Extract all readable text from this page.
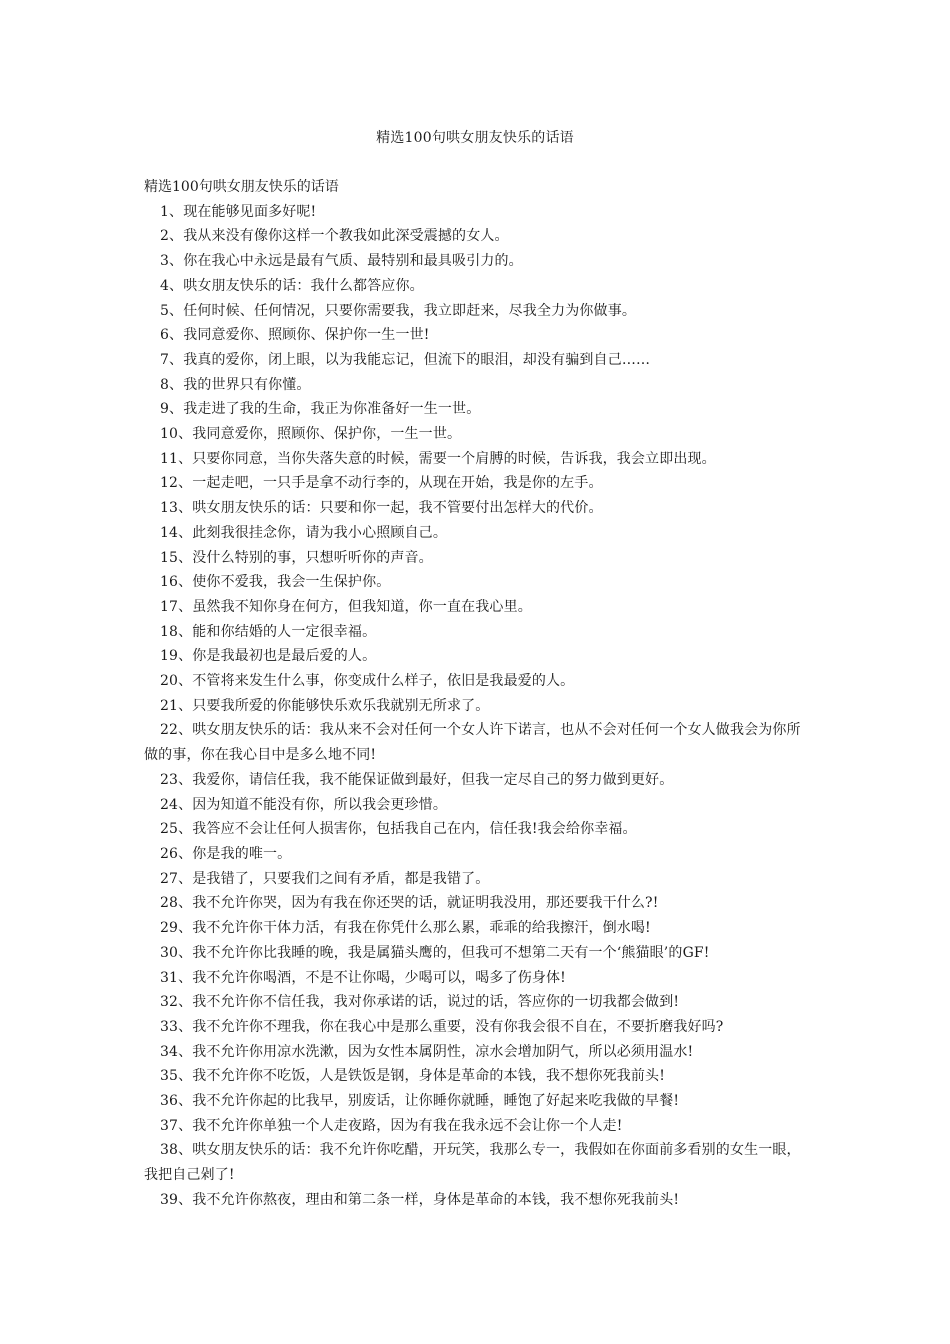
精选100句哄女朋友快乐的话语

精选100句哄女朋友快乐的话语

1、现在能够见面多好呢!
2、我从来没有像你这样一个教我如此深受震撼的女人。
3、你在我心中永远是最有气质、最特别和最具吸引力的。
4、哄女朋友快乐的话：我什么都答应你。
5、任何时候、任何情况，只要你需要我，我立即赶来，尽我全力为你做事。
6、我同意爱你、照顾你、保护你一生一世!
7、我真的爱你，闭上眼，以为我能忘记，但流下的眼泪，却没有骗到自己……
8、我的世界只有你懂。
9、我走进了我的生命，我正为你准备好一生一世。
10、我同意爱你，照顾你、保护你，一生一世。
11、只要你同意，当你失落失意的时候，需要一个肩膊的时候，告诉我，我会立即出现。
12、一起走吧，一只手是拿不动行李的，从现在开始，我是你的左手。
13、哄女朋友快乐的话：只要和你一起，我不管要付出怎样大的代价。
14、此刻我很挂念你，请为我小心照顾自己。
15、没什么特别的事，只想听听你的声音。
16、使你不爱我，我会一生保护你。
17、虽然我不知你身在何方，但我知道，你一直在我心里。
18、能和你结婚的人一定很幸福。
19、你是我最初也是最后爱的人。
20、不管将来发生什么事，你变成什么样子，依旧是我最爱的人。
21、只要我所爱的你能够快乐欢乐我就别无所求了。
22、哄女朋友快乐的话：我从来不会对任何一个女人许下诺言，也从不会对任何一个女人做我会为你所做的事，你在我心目中是多么地不同!
23、我爱你，请信任我，我不能保证做到最好，但我一定尽自己的努力做到更好。
24、因为知道不能没有你，所以我会更珍惜。
25、我答应不会让任何人损害你，包括我自己在内，信任我!我会给你幸福。
26、你是我的唯一。
27、是我错了，只要我们之间有矛盾，都是我错了。
28、我不允许你哭，因为有我在你还哭的话，就证明我没用，那还要我干什么?!
29、我不允许你干体力活，有我在你凭什么那么累，乖乖的给我擦汗，倒水喝!
30、我不允许你比我睡的晚，我是属猫头鹰的，但我可不想第二天有一个‘熊猫眼’的GF!
31、我不允许你喝酒，不是不让你喝，少喝可以，喝多了伤身体!
32、我不允许你不信任我，我对你承诺的话，说过的话，答应你的一切我都会做到!
33、我不允许你不理我，你在我心中是那么重要，没有你我会很不自在，不要折磨我好吗?
34、我不允许你用凉水洗漱，因为女性本属阴性，凉水会增加阴气，所以必须用温水!
35、我不允许你不吃饭，人是铁饭是钢，身体是革命的本钱，我不想你死我前头!
36、我不允许你起的比我早，别废话，让你睡你就睡，睡饱了好起来吃我做的早餐!
37、我不允许你单独一个人走夜路，因为有我在我永远不会让你一个人走!
38、哄女朋友快乐的话：我不允许你吃醋，开玩笑，我那么专一，我假如在你面前多看别的女生一眼，我把自己剁了!
39、我不允许你熬夜，理由和第二条一样，身体是革命的本钱，我不想你死我前头!
